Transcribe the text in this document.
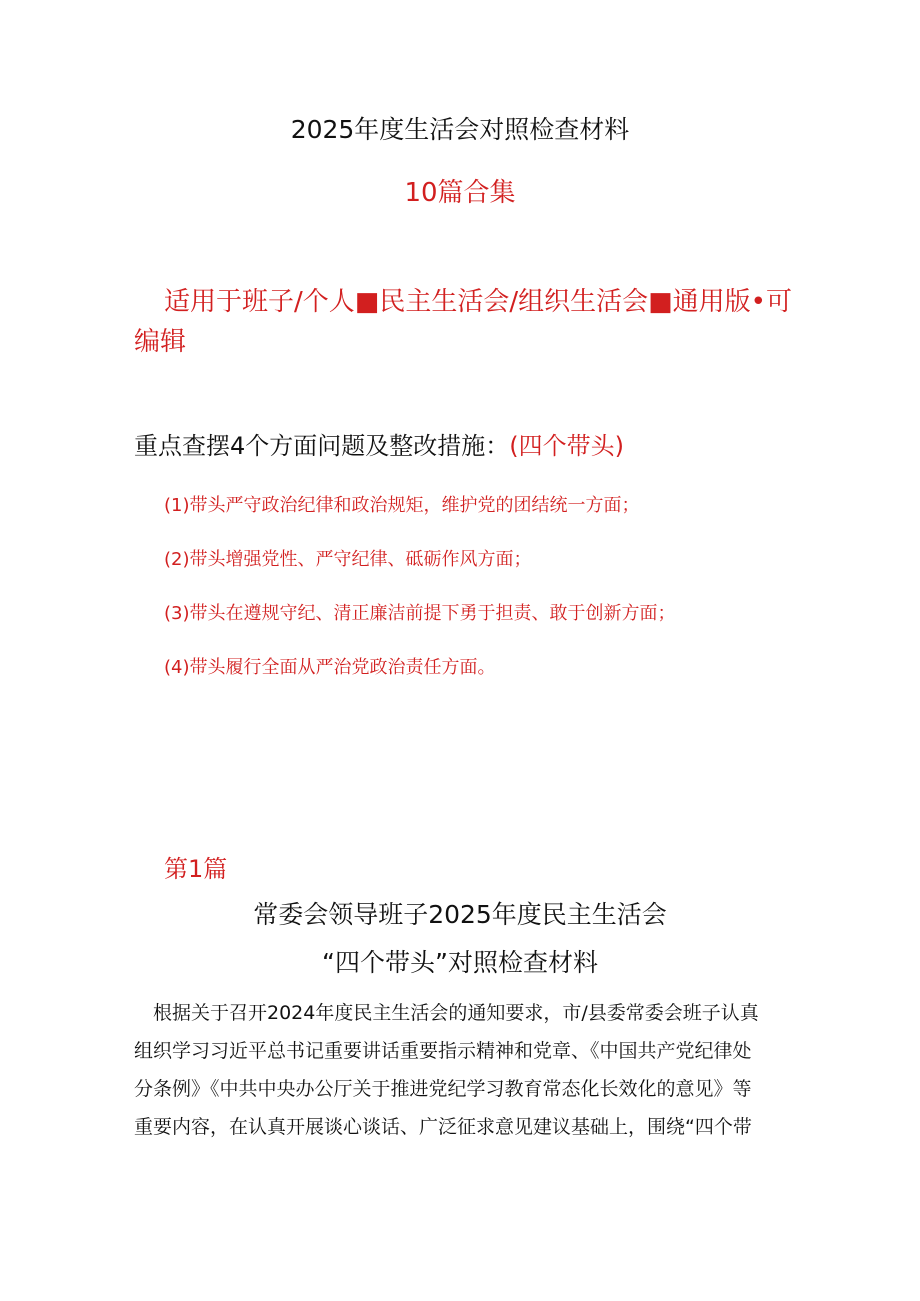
2025年度生活会对照检查材料

10篇合集

适用于班子/个人■民主生活会/组织生活会■通用版•可编辑

重点查摆4个方面问题及整改措施：(四个带头)

(1)带头严守政治纪律和政治规矩，维护党的团结统一方面；

(2)带头增强党性、严守纪律、砥砺作风方面；

(3)带头在遵规守纪、清正廉洁前提下勇于担责、敢于创新方面；

(4)带头履行全面从严治党政治责任方面。

第1篇

常委会领导班子2025年度民主生活会

“四个带头”对照检查材料

根据关于召开2024年度民主生活会的通知要求，市/县委常委会班子认真
组织学习习近平总书记重要讲话重要指示精神和党章、《中国共产党纪律处
分条例》《中共中央办公厅关于推进党纪学习教育常态化长效化的意见》等
重要内容，在认真开展谈心谈话、广泛征求意见建议基础上，围绕“四个带
